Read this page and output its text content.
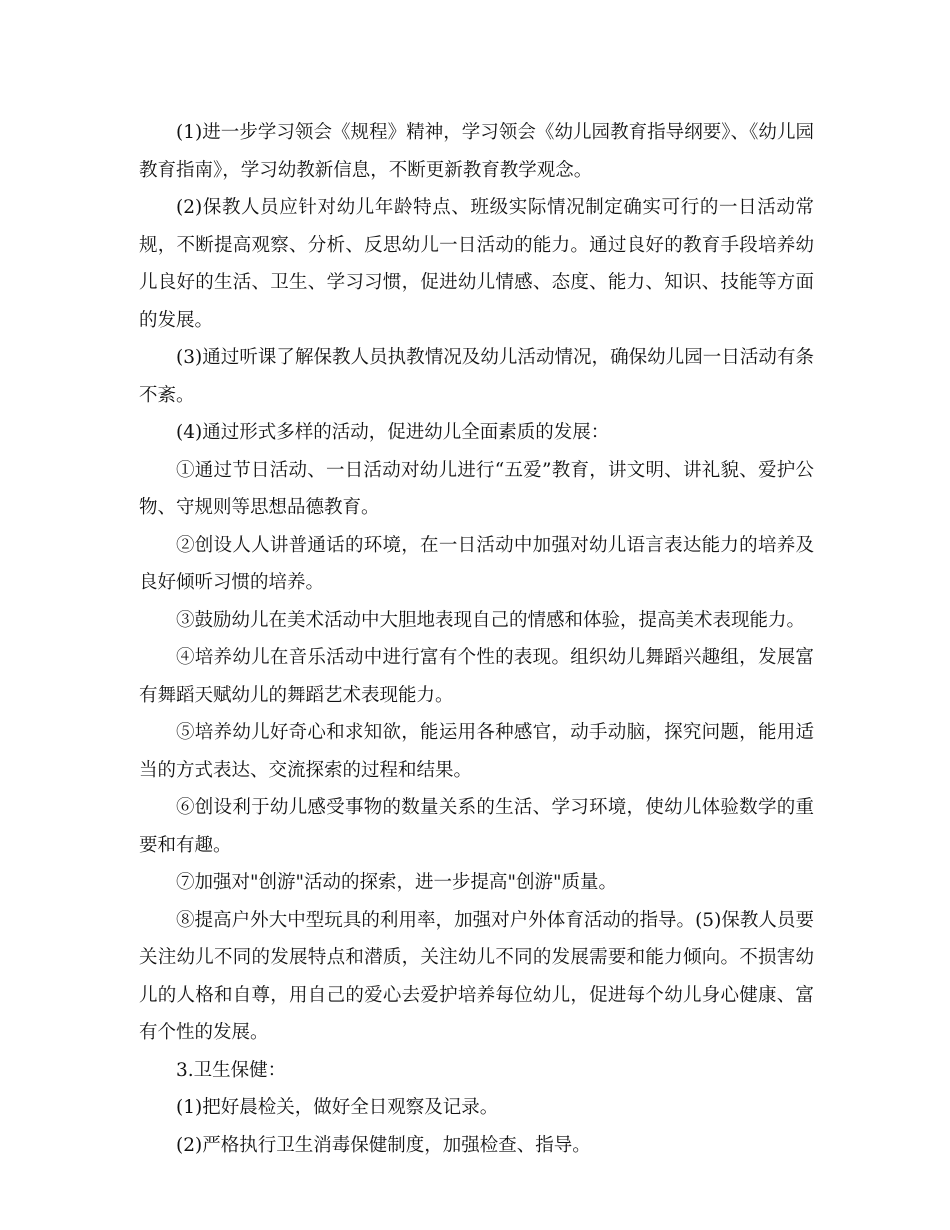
(1)进一步学习领会《规程》精神，学习领会《幼儿园教育指导纲要》、《幼儿园教育指南》，学习幼教新信息，不断更新教育教学观念。

(2)保教人员应针对幼儿年龄特点、班级实际情况制定确实可行的一日活动常规，不断提高观察、分析、反思幼儿一日活动的能力。通过良好的教育手段培养幼儿良好的生活、卫生、学习习惯，促进幼儿情感、态度、能力、知识、技能等方面的发展。

(3)通过听课了解保教人员执教情况及幼儿活动情况，确保幼儿园一日活动有条不紊。

(4)通过形式多样的活动，促进幼儿全面素质的发展：

①通过节日活动、一日活动对幼儿进行“五爱”教育，讲文明、讲礼貌、爱护公物、守规则等思想品德教育。

②创设人人讲普通话的环境，在一日活动中加强对幼儿语言表达能力的培养及良好倾听习惯的培养。

③鼓励幼儿在美术活动中大胆地表现自己的情感和体验，提高美术表现能力。

④培养幼儿在音乐活动中进行富有个性的表现。组织幼儿舞蹈兴趣组，发展富有舞蹈天赋幼儿的舞蹈艺术表现能力。

⑤培养幼儿好奇心和求知欲，能运用各种感官，动手动脑，探究问题，能用适当的方式表达、交流探索的过程和结果。

⑥创设利于幼儿感受事物的数量关系的生活、学习环境，使幼儿体验数学的重要和有趣。

⑦加强对"创游"活动的探索，进一步提高"创游"质量。

⑧提高户外大中型玩具的利用率，加强对户外体育活动的指导。(5)保教人员要关注幼儿不同的发展特点和潜质，关注幼儿不同的发展需要和能力倾向。不损害幼儿的人格和自尊，用自己的爱心去爱护培养每位幼儿，促进每个幼儿身心健康、富有个性的发展。

3.卫生保健：

(1)把好晨检关，做好全日观察及记录。

(2)严格执行卫生消毒保健制度，加强检查、指导。
